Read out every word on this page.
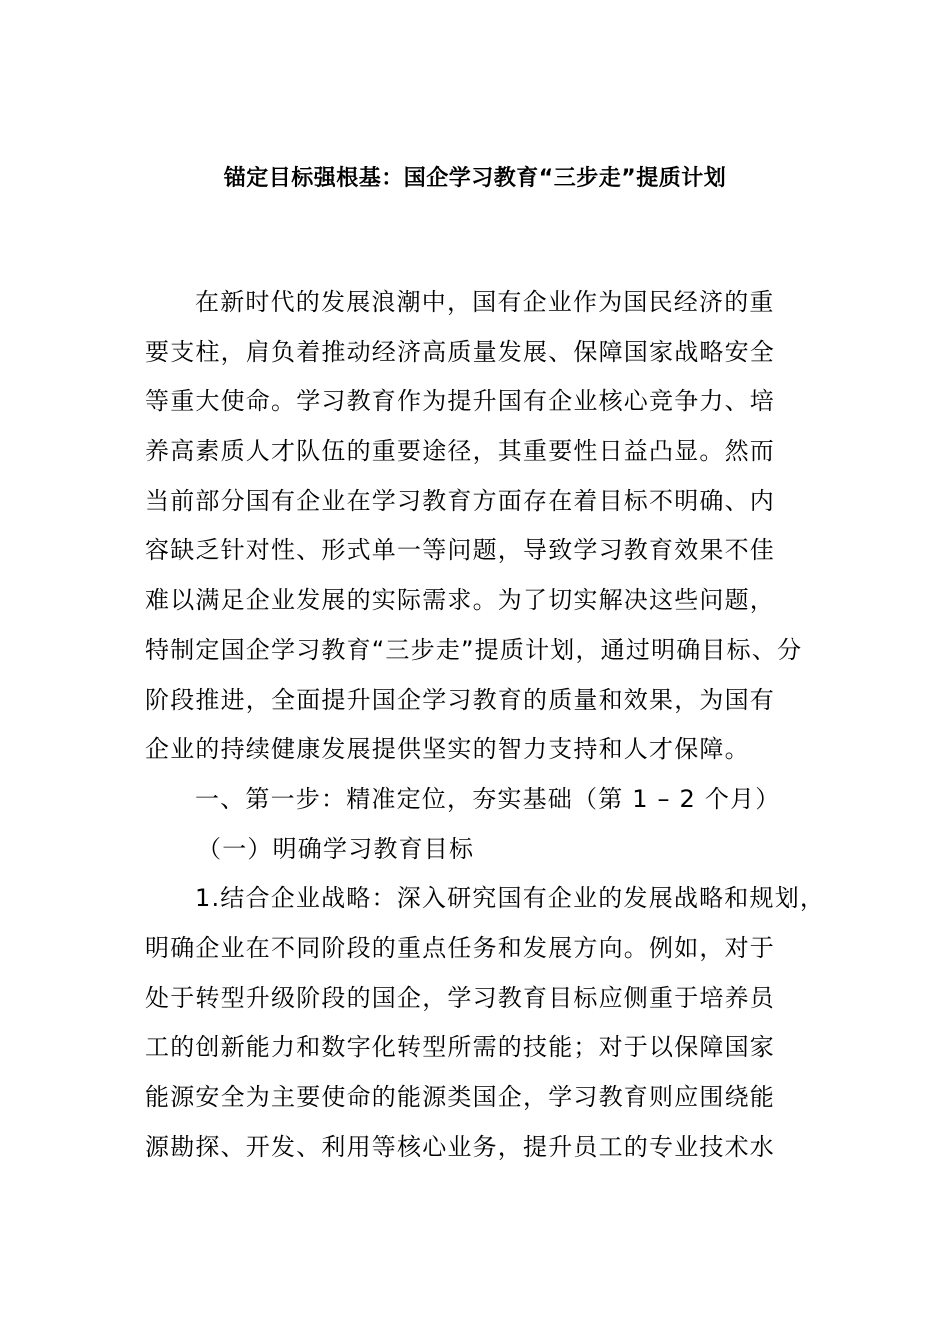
锚定目标强根基：国企学习教育“三步走”提质计划
在新时代的发展浪潮中，国有企业作为国民经济的重
要支柱，肩负着推动经济高质量发展、保障国家战略安全
等重大使命。学习教育作为提升国有企业核心竞争力、培
养高素质人才队伍的重要途径，其重要性日益凸显。然而
当前部分国有企业在学习教育方面存在着目标不明确、内
容缺乏针对性、形式单一等问题，导致学习教育效果不佳
难以满足企业发展的实际需求。为了切实解决这些问题，
特制定国企学习教育“三步走”提质计划，通过明确目标、分
阶段推进，全面提升国企学习教育的质量和效果，为国有
企业的持续健康发展提供坚实的智力支持和人才保障。
一、第一步：精准定位，夯实基础（第 1 – 2 个月）
（一）明确学习教育目标
1.结合企业战略：深入研究国有企业的发展战略和规划，
明确企业在不同阶段的重点任务和发展方向。例如，对于
处于转型升级阶段的国企，学习教育目标应侧重于培养员
工的创新能力和数字化转型所需的技能；对于以保障国家
能源安全为主要使命的能源类国企，学习教育则应围绕能
源勘探、开发、利用等核心业务，提升员工的专业技术水
